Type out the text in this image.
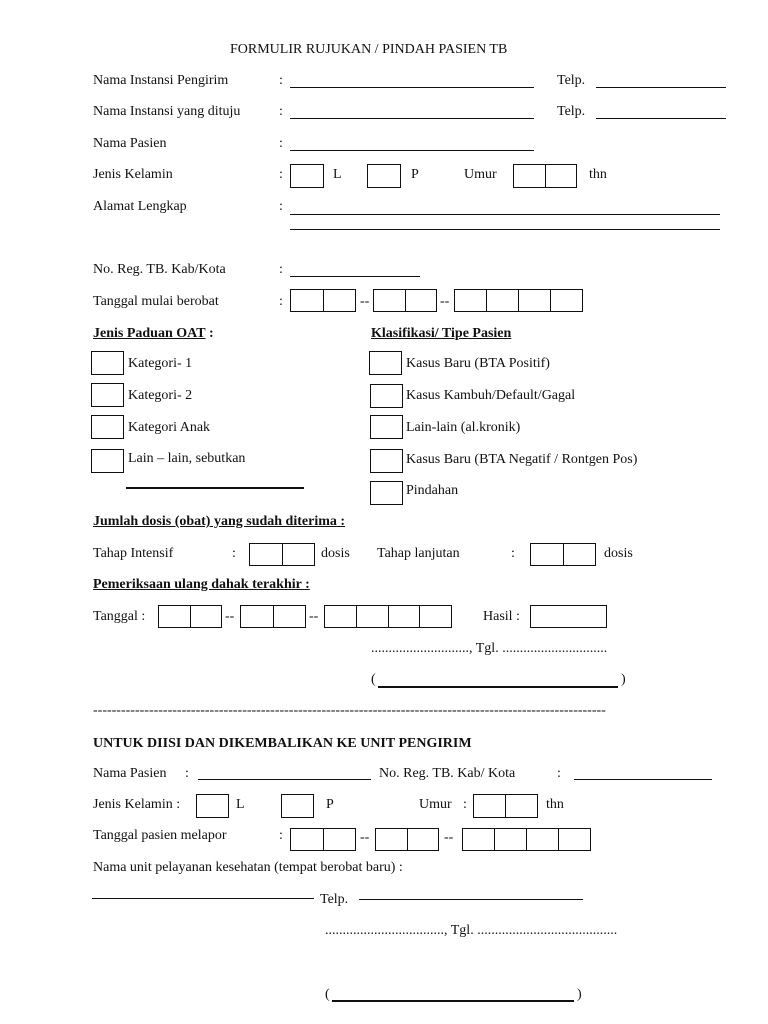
FORMULIR RUJUKAN / PINDAH PASIEN TB
Nama Instansi Pengirim	:	Telp.
Nama Instansi yang dituju	:	Telp.
Nama Pasien	:
Jenis Kelamin	:	L	P	Umur	thn
Alamat Lengkap	:
No. Reg. TB. Kab/Kota	:
Tanggal mulai berobat	:	--	--
Jenis Paduan OAT :	Klasifikasi/ Tipe Pasien
Kategori- 1
Kategori- 2
Kategori Anak
Lain – lain, sebutkan
Kasus Baru (BTA Positif)
Kasus Kambuh/Default/Gagal
Lain-lain (al.kronik)
Kasus Baru (BTA Negatif / Rontgen Pos)
Pindahan
Jumlah dosis (obat) yang sudah diterima :
Tahap Intensif	:	dosis Tahap lanjutan	:	dosis
Pemeriksaan ulang dahak terakhir :
Tanggal :	--	--	Hasil :
............................, Tgl. ..............................
(	)
--------------------------------------------------------------------------------------------------------------
UNTUK DIISI DAN DIKEMBALIKAN KE UNIT PENGIRIM
Nama Pasien :	No. Reg. TB. Kab/ Kota	:
Jenis Kelamin :	L	P	Umur :	thn
Tanggal pasien melapor	:	--	--
Nama unit pelayanan kesehatan (tempat berobat baru) :
Telp.
.................................., Tgl. ........................................
(	)
